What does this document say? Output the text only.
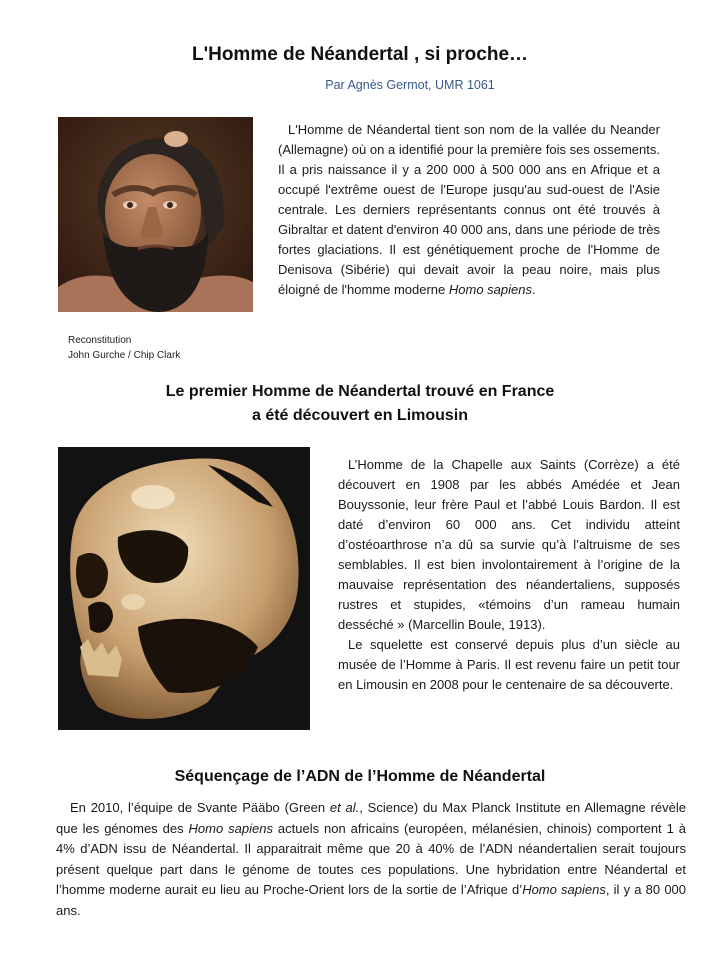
L'Homme de Néandertal , si proche…
Par Agnès Germot, UMR 1061
L'Homme de Néandertal tient son nom de la vallée du Neander (Allemagne) où on a identifié pour la première fois ses ossements. Il a pris naissance il y a 200 000 à 500 000 ans en Afrique et a occupé l'extrême ouest de l'Europe jusqu'au sud-ouest de l'Asie centrale. Les derniers représentants connus ont été trouvés à Gibraltar et datent d'environ 40 000 ans, dans une période de très fortes glaciations. Il est génétiquement proche de l'Homme de Denisova (Sibérie) qui devait avoir la peau noire, mais plus éloigné de l'homme moderne Homo sapiens.
Reconstitution
John Gurche / Chip Clark
Le premier Homme de Néandertal trouvé en France
a été découvert en Limousin

L’Homme de la Chapelle aux Saints (Corrèze) a été découvert en 1908 par les abbés Amédée et Jean Bouyssonie, leur frère Paul et l’abbé Louis Bardon. Il est daté d’environ 60 000 ans. Cet individu atteint d’ostéoarthrose n’a dû sa survie qu’à l’altruisme de ses semblables. Il est bien involontairement à l’origine de la mauvaise représentation des néandertaliens, supposés rustres et stupides, «témoins d’un rameau humain desséché » (Marcellin Boule, 1913).

Le squelette est conservé depuis plus d’un siècle au musée de l’Homme à Paris. Il est revenu faire un petit tour en Limousin en 2008 pour le centenaire de sa découverte.

Séquençage de l’ADN de l’Homme de Néandertal
En 2010, l’équipe de Svante Pääbo (Green et al., Science) du Max Planck Institute en Allemagne révèle que les génomes des Homo sapiens actuels non africains (européen, mélanésien, chinois) comportent 1 à 4% d’ADN issu de Néandertal. Il apparaitrait même que 20 à 40% de l’ADN néandertalien serait toujours présent quelque part dans le génome de toutes ces populations. Une hybridation entre Néandertal et l’homme moderne aurait eu lieu au Proche-Orient lors de la sortie de l’Afrique d’Homo sapiens, il y a 80 000 ans.
